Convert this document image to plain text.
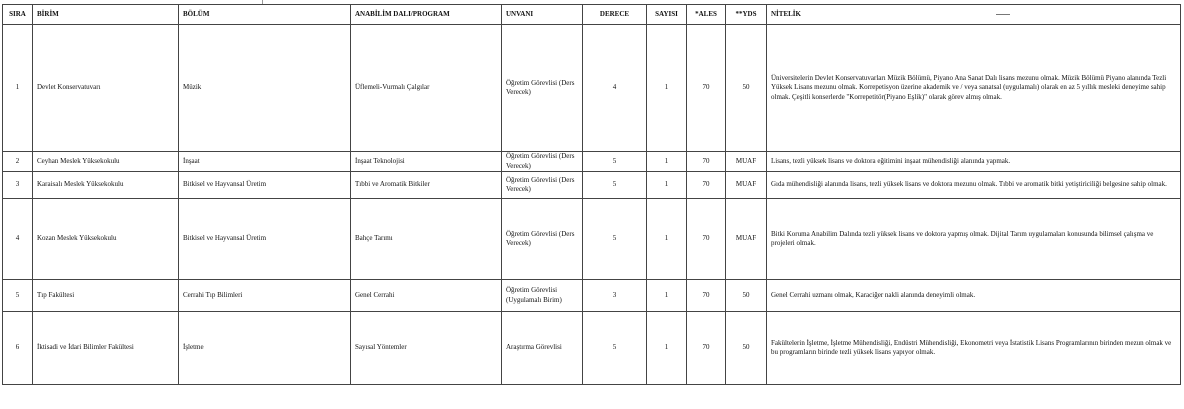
SIRA	BİRİM	BÖLÜM	ANABİLİM DALI/PROGRAM	UNVANI	DERECE	SAYISI	*ALES	**YDS	NİTELİK
1	Devlet Konservatuvarı	Müzik	Üflemeli-Vurmalı Çalgılar	Öğretim Görevlisi (Ders Verecek)	4	1	70	50	Üniversitelerin Devlet Konservatuvarları Müzik Bölümü, Piyano Ana Sanat Dalı lisans mezunu olmak. Müzik Bölümü Piyano alanında Tezli Yüksek Lisans mezunu olmak. Korrepetisyon üzerine akademik ve / veya sanatsal (uygulamalı) olarak en az 5 yıllık mesleki deneyime sahip olmak. Çeşitli konserlerde "Korrepetitör(Piyano Eşlik)" olarak görev almış olmak.
2	Ceyhan Meslek Yüksekokulu	İnşaat	İnşaat Teknolojisi	Öğretim Görevlisi (Ders Verecek)	5	1	70	MUAF	Lisans, tezli yüksek lisans ve doktora eğitimini inşaat mühendisliği alanında yapmak.
3	Karaisalı Meslek Yüksekokulu	Bitkisel ve Hayvansal Üretim	Tıbbi ve Aromatik Bitkiler	Öğretim Görevlisi (Ders Verecek)	5	1	70	MUAF	Gıda mühendisliği alanında lisans, tezli yüksek lisans ve doktora mezunu olmak. Tıbbi ve aromatik bitki yetiştiriciliği belgesine sahip olmak.
4	Kozan Meslek Yüksekokulu	Bitkisel ve Hayvansal Üretim	Bahçe Tarımı	Öğretim Görevlisi (Ders Verecek)	5	1	70	MUAF	Bitki Koruma Anabilim Dalında tezli yüksek lisans ve doktora yapmış olmak. Dijital Tarım uygulamaları konusunda bilimsel çalışma ve projeleri olmak.
5	Tıp Fakültesi	Cerrahi Tıp Bilimleri	Genel Cerrahi	Öğretim Görevlisi (Uygulamalı Birim)	3	1	70	50	Genel Cerrahi uzmanı olmak, Karaciğer nakli alanında deneyimli olmak.
6	İktisadi ve İdari Bilimler Fakültesi	İşletme	Sayısal Yöntemler	Araştırma Görevlisi	5	1	70	50	Fakültelerin İşletme, İşletme Mühendisliği, Endüstri Mühendisliği, Ekonometri veya İstatistik Lisans Programlarının birinden mezun olmak ve bu programların birinde tezli yüksek lisans yapıyor olmak.
